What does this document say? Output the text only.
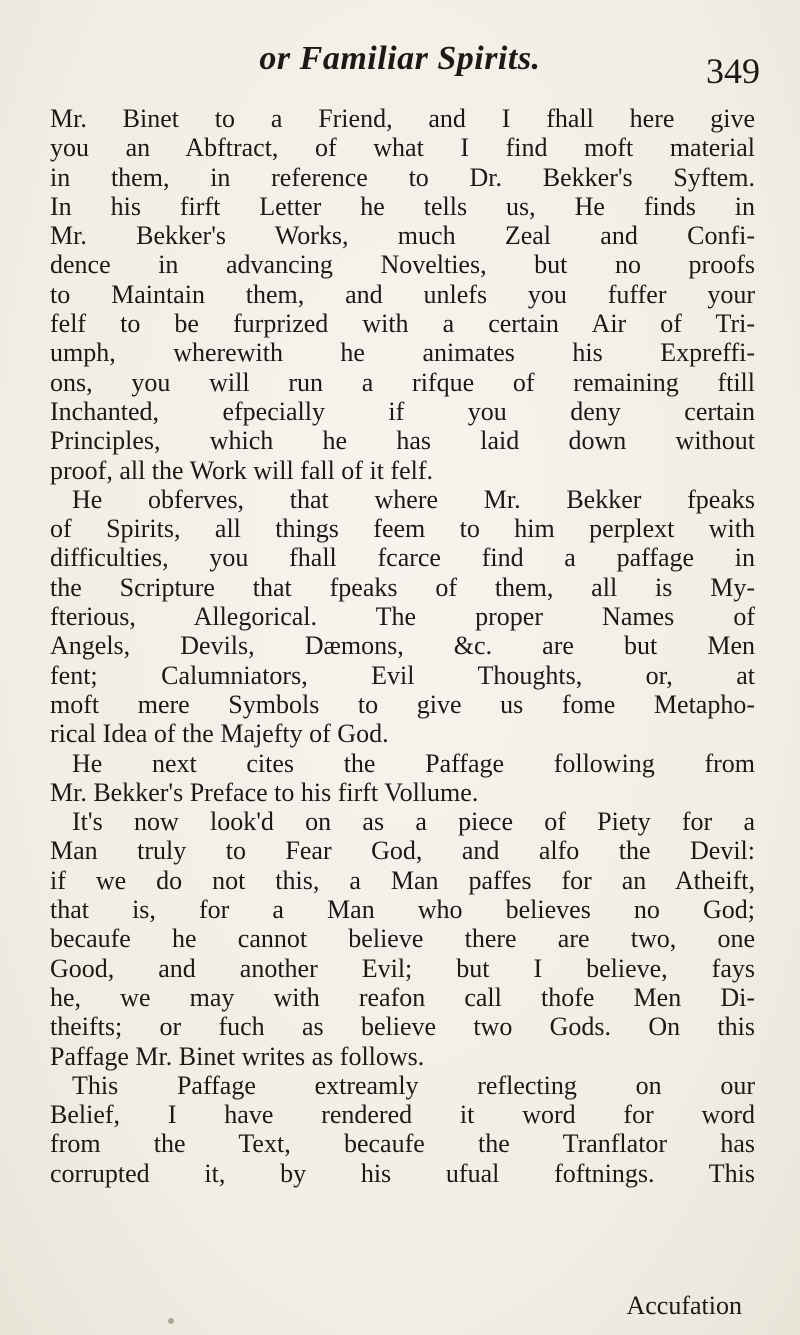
or Familiar Spirits.	349
Mr. Binet to a Friend, and I fhall here give
you an Abftract, of what I find moft material
in them, in reference to Dr. Bekker's Syftem.
In his firft Letter he tells us, He finds in
Mr. Bekker's Works, much Zeal and Confi-
dence in advancing Novelties, but no proofs
to Maintain them, and unlefs you fuffer your
felf to be furprized with a certain Air of Tri-
umph, wherewith he animates his Expreffi-
ons, you will run a rifque of remaining ftill
Inchanted, efpecially if you deny certain
Principles, which he has laid down without
proof, all the Work will fall of it felf.
He obferves, that where Mr. Bekker fpeaks
of Spirits, all things feem to him perplext with
difficulties, you fhall fcarce find a paffage in
the Scripture that fpeaks of them, all is My-
fterious, Allegorical. The proper Names of
Angels, Devils, Dæmons, &c. are but Men
fent; Calumniators, Evil Thoughts, or, at
moft mere Symbols to give us fome Metapho-
rical Idea of the Majefty of God.
He next cites the Paffage following from
Mr. Bekker's Preface to his firft Vollume.
It's now look'd on as a piece of Piety for a
Man truly to Fear God, and alfo the Devil:
if we do not this, a Man paffes for an Atheift,
that is, for a Man who believes no God;
becaufe he cannot believe there are two, one
Good, and another Evil; but I believe, fays
he, we may with reafon call thofe Men Di-
theifts; or fuch as believe two Gods. On this
Paffage Mr. Binet writes as follows.
This Paffage extreamly reflecting on our
Belief, I have rendered it word for word
from the Text, becaufe the Tranflator has
corrupted it, by his ufual foftnings. This
Accufation
